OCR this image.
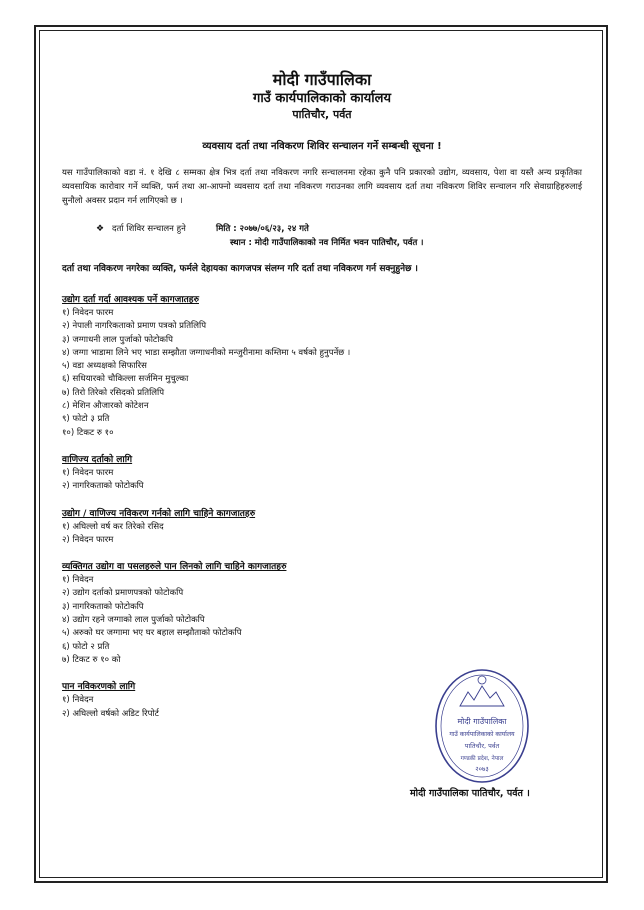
मोदी गाउँपालिका
गाउँ कार्यपालिकाको कार्यालय
पातिचौर, पर्वत
व्यवसाय दर्ता तथा नविकरण शिविर सन्चालन गर्ने सम्बन्धी सूचना !
यस गाउँपालिकाको वडा नं. १ देखि ८ सम्मका क्षेत्र भित्र दर्ता तथा नविकरण नगरि सन्चालनमा रहेका कुनै पनि प्रकारको उद्योग, व्यवसाय, पेशा वा यस्तै अन्य प्रकृतिका व्यवसायिक कारोवार गर्ने व्यक्ति, फर्म तथा आ-आफ्नो व्यवसाय दर्ता तथा नविकरण गराउनका लागि व्यवसाय दर्ता तथा नविकरण शिविर सन्चालन गरि सेवाग्राहिहरुलाई सुनौलो अवसर प्रदान गर्न लागिएको छ ।
❖ दर्ता शिविर सन्चालन हुने	मिति : २०७७/०६/२३, २४ गते
स्थान : मोदी गाउँपालिकाको नव निर्मित भवन पातिचौर, पर्वत ।
दर्ता तथा नविकरण नगरेका व्यक्ति, फर्मले देहायका कागजपत्र संलग्न गरि दर्ता तथा नविकरण गर्न सक्नुहुनेछ ।
उद्योग दर्ता गर्दा आवश्यक पर्ने कागजातहरु
१) निवेदन फारम
२) नेपाली नागरिकताको प्रमाण पत्रको प्रतिलिपि
३) जग्गाधनी लाल पुर्जाको फोटोकपि
४) जग्गा भाडामा लिने भए भाडा सम्झौता जग्गाधनीको मन्जुरीनामा कम्तिमा ५ वर्षको हुनुपर्नेछ ।
५) वडा अध्यक्षको सिफारिस
६) सधियारको चौकिल्ला सर्जमिन मुचुल्का
७) तिरो तिरेको रसिदको प्रतिलिपि
८) मेशिन औजारको कोटेशन
९) फोटो ३ प्रति
१०) टिकट रु १०
वाणिज्य दर्ताको लागि
१) निवेदन फारम
२) नागरिकताको फोटोकपि
उद्योग / वाणिज्य नविकरण गर्नको लागि चाहिने कागजातहरु
१) अघिल्लो वर्ष कर तिरेको रसिद
२) निवेदन फारम
व्यक्तिगत उद्योग वा पसलहरुले पान लिनको लागि चाहिने कागजातहरु
१) निवेदन
२) उद्योग दर्ताको प्रमाणपत्रको फोटोकपि
३) नागरिकताको फोटोकपि
४) उद्योग रहने जग्गाको लाल पुर्जाको फोटोकपि
५) अरुको घर जग्गामा भए घर बहाल सम्झौताको फोटोकपि
६) फोटो २ प्रति
७) टिकट रु १० को
पान नविकरणको लागि
१) निवेदन
२) अघिल्लो वर्षको अडिट रिपोर्ट
मोदी गाउँपालिका
गाउँ कार्यपालिकाको कार्यालय
पातिचौर, पर्वत
गण्डकी प्रदेश, नेपाल
२०७३
मोदी गाउँपालिका पातिचौर, पर्वत ।
